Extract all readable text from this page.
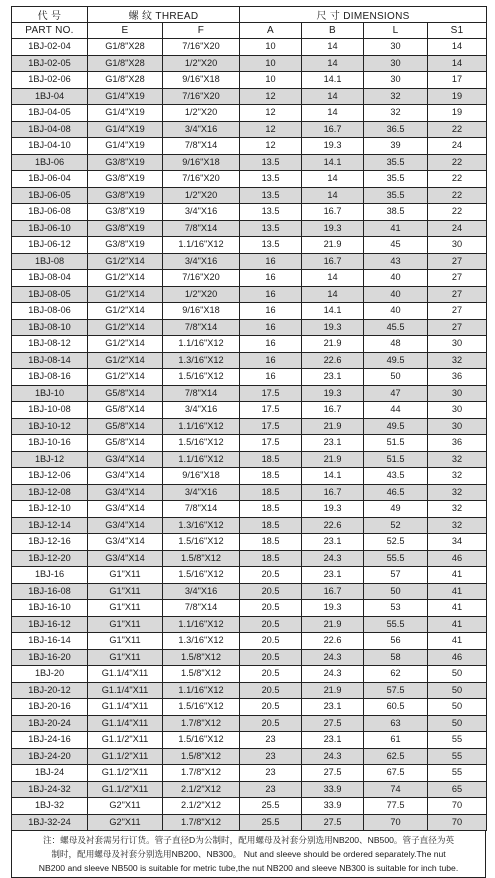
代 号	螺 纹 THREAD		尺 寸 DIMENSIONS			
PART NO.	E	F	A	B	L	S1
1BJ-02-04	G1/8"X28	7/16"X20	10	14	30	14
1BJ-02-05	G1/8"X28	1/2"X20	10	14	30	14
1BJ-02-06	G1/8"X28	9/16"X18	10	14.1	30	17
1BJ-04	G1/4"X19	7/16"X20	12	14	32	19
1BJ-04-05	G1/4"X19	1/2"X20	12	14	32	19
1BJ-04-08	G1/4"X19	3/4"X16	12	16.7	36.5	22
1BJ-04-10	G1/4"X19	7/8"X14	12	19.3	39	24
1BJ-06	G3/8"X19	9/16"X18	13.5	14.1	35.5	22
1BJ-06-04	G3/8"X19	7/16"X20	13.5	14	35.5	22
1BJ-06-05	G3/8"X19	1/2"X20	13.5	14	35.5	22
1BJ-06-08	G3/8"X19	3/4"X16	13.5	16.7	38.5	22
1BJ-06-10	G3/8"X19	7/8"X14	13.5	19.3	41	24
1BJ-06-12	G3/8"X19	1.1/16"X12	13.5	21.9	45	30
1BJ-08	G1/2"X14	3/4"X16	16	16.7	43	27
1BJ-08-04	G1/2"X14	7/16"X20	16	14	40	27
1BJ-08-05	G1/2"X14	1/2"X20	16	14	40	27
1BJ-08-06	G1/2"X14	9/16"X18	16	14.1	40	27
1BJ-08-10	G1/2"X14	7/8"X14	16	19.3	45.5	27
1BJ-08-12	G1/2"X14	1.1/16"X12	16	21.9	48	30
1BJ-08-14	G1/2"X14	1.3/16"X12	16	22.6	49.5	32
1BJ-08-16	G1/2"X14	1.5/16"X12	16	23.1	50	36
1BJ-10	G5/8"X14	7/8"X14	17.5	19.3	47	30
1BJ-10-08	G5/8"X14	3/4"X16	17.5	16.7	44	30
1BJ-10-12	G5/8"X14	1.1/16"X12	17.5	21.9	49.5	30
1BJ-10-16	G5/8"X14	1.5/16"X12	17.5	23.1	51.5	36
1BJ-12	G3/4"X14	1.1/16"X12	18.5	21.9	51.5	32
1BJ-12-06	G3/4"X14	9/16"X18	18.5	14.1	43.5	32
1BJ-12-08	G3/4"X14	3/4"X16	18.5	16.7	46.5	32
1BJ-12-10	G3/4"X14	7/8"X14	18.5	19.3	49	32
1BJ-12-14	G3/4"X14	1.3/16"X12	18.5	22.6	52	32
1BJ-12-16	G3/4"X14	1.5/16"X12	18.5	23.1	52.5	34
1BJ-12-20	G3/4"X14	1.5/8"X12	18.5	24.3	55.5	46
1BJ-16	G1"X11	1.5/16"X12	20.5	23.1	57	41
1BJ-16-08	G1"X11	3/4"X16	20.5	16.7	50	41
1BJ-16-10	G1"X11	7/8"X14	20.5	19.3	53	41
1BJ-16-12	G1"X11	1.1/16"X12	20.5	21.9	55.5	41
1BJ-16-14	G1"X11	1.3/16"X12	20.5	22.6	56	41
1BJ-16-20	G1"X11	1.5/8"X12	20.5	24.3	58	46
1BJ-20	G1.1/4"X11	1.5/8"X12	20.5	24.3	62	50
1BJ-20-12	G1.1/4"X11	1.1/16"X12	20.5	21.9	57.5	50
1BJ-20-16	G1.1/4"X11	1.5/16"X12	20.5	23.1	60.5	50
1BJ-20-24	G1.1/4"X11	1.7/8"X12	20.5	27.5	63	50
1BJ-24-16	G1.1/2"X11	1.5/16"X12	23	23.1	61	55
1BJ-24-20	G1.1/2"X11	1.5/8"X12	23	24.3	62.5	55
1BJ-24	G1.1/2"X11	1.7/8"X12	23	27.5	67.5	55
1BJ-24-32	G1.1/2"X11	2.1/2"X12	23	33.9	74	65
1BJ-32	G2"X11	2.1/2"X12	25.5	33.9	77.5	70
1BJ-32-24	G2"X11	1.7/8"X12	25.5	27.5	70	70
注：螺母及衬套需另行订货。管子直径D为公制时，配用螺母及衬套分别选用NB200、NB500。管子直径为英
制时，配用螺母及衬套分别选用NB200、NB300。 Nut and sleeve should be ordered separately.The nut
NB200 and sleeve NB500 is suitable for metric tube,the nut NB200 and sleeve NB300 is suitable for inch tube.
